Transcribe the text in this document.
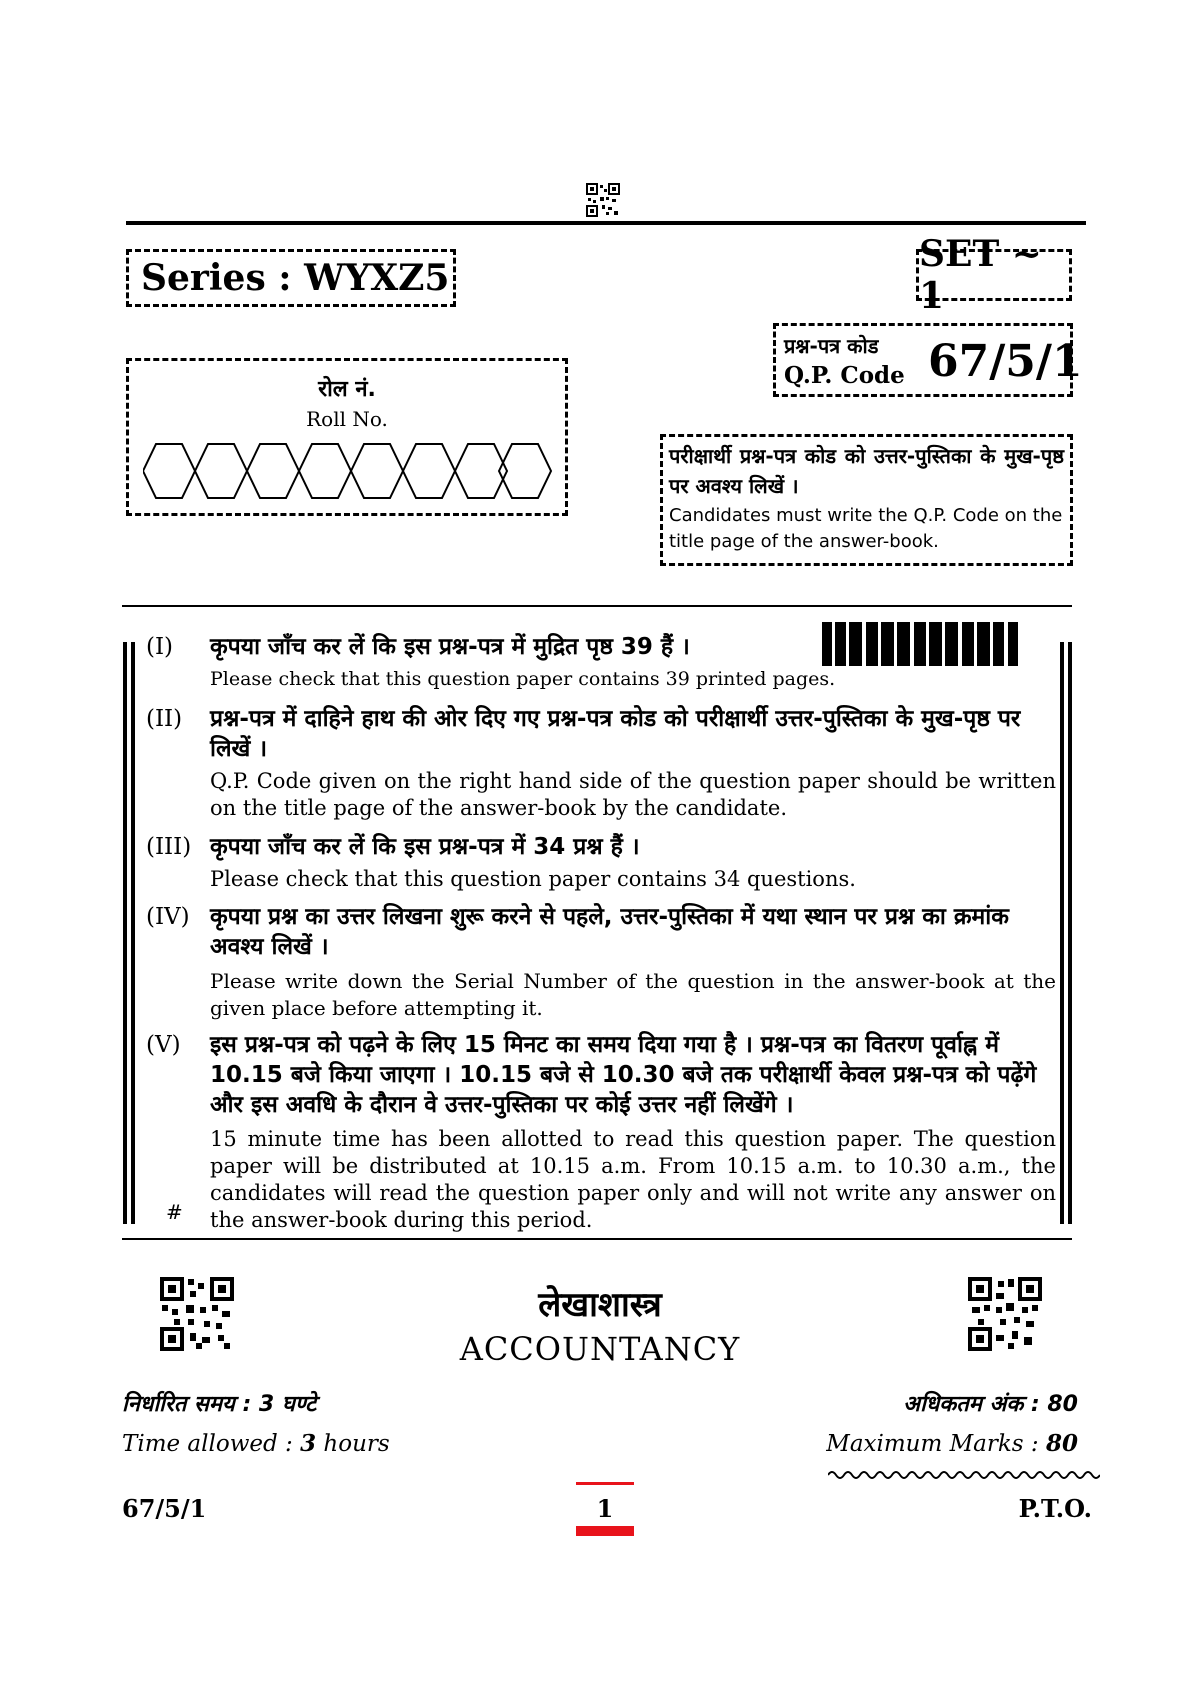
Series : WYXZ5
SET ~ 1
प्रश्न-पत्र कोड
Q.P. Code 67/5/1
रोल नं.
Roll No.
परीक्षार्थी प्रश्न-पत्र कोड को उत्तर-पुस्तिका के मुख-पृष्ठ पर अवश्य लिखें ।
Candidates must write the Q.P. Code on the title page of the answer-book.
(I)	कृपया जाँच कर लें कि इस प्रश्न-पत्र में मुद्रित पृष्ठ 39 हैं ।
Please check that this question paper contains 39 printed pages.
(II)	प्रश्न-पत्र में दाहिने हाथ की ओर दिए गए प्रश्न-पत्र कोड को परीक्षार्थी उत्तर-पुस्तिका के मुख-पृष्ठ पर लिखें ।
Q.P. Code given on the right hand side of the question paper should be written on the title page of the answer-book by the candidate.
(III) कृपया जाँच कर लें कि इस प्रश्न-पत्र में 34 प्रश्न हैं ।
Please check that this question paper contains 34 questions.
(IV) कृपया प्रश्न का उत्तर लिखना शुरू करने से पहले, उत्तर-पुस्तिका में यथा स्थान पर प्रश्न का क्रमांक अवश्य लिखें ।
Please write down the Serial Number of the question in the answer-book at the given place before attempting it.
(V)	इस प्रश्न-पत्र को पढ़ने के लिए 15 मिनट का समय दिया गया है । प्रश्न-पत्र का वितरण पूर्वाह्न में 10.15 बजे किया जाएगा । 10.15 बजे से 10.30 बजे तक परीक्षार्थी केवल प्रश्न-पत्र को पढ़ेंगे और इस अवधि के दौरान वे उत्तर-पुस्तिका पर कोई उत्तर नहीं लिखेंगे ।
15 minute time has been allotted to read this question paper. The question paper will be distributed at 10.15 a.m. From 10.15 a.m. to 10.30 a.m., the candidates will read the question paper only and will not write any answer on the answer-book during this period.
#
लेखाशास्त्र
ACCOUNTANCY
निर्धारित समय : 3 घण्टे
Time allowed : 3 hours
अधिकतम अंक : 80
Maximum Marks : 80
67/5/1	1	P.T.O.
